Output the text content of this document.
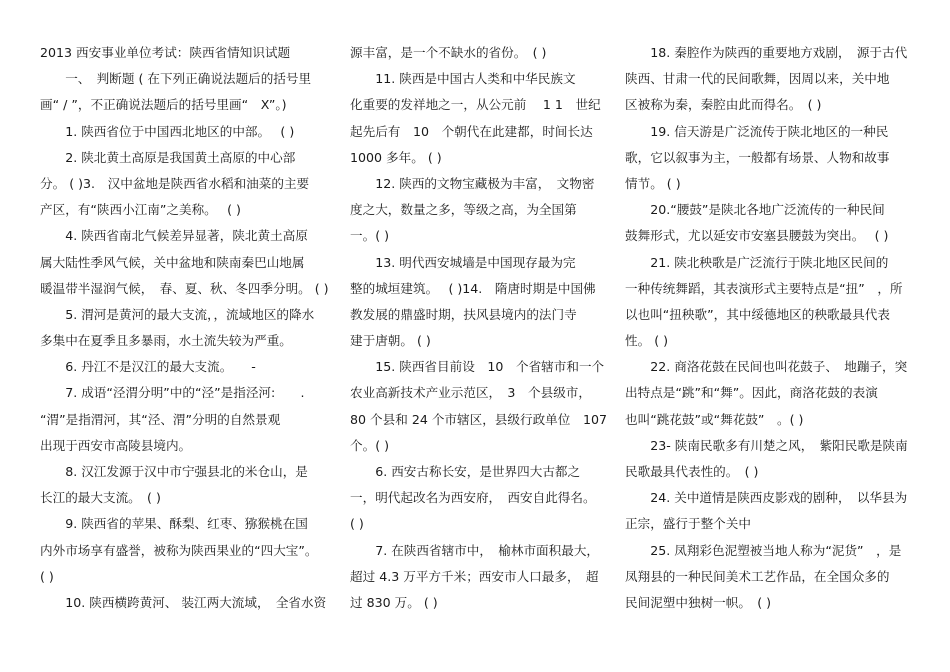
2013 西安事业单位考试：陕西省情知识试题
　　一、　判断题 ( 在下列正确说法题后的括号里
画“ / ”，不正确说法题后的括号里画“　X”。)
　　1. 陕西省位于中国西北地区的中部。　 ( )
　　2. 陕北黄土高原是我国黄土高原的中心部
分。 ( )3.　汉中盆地是陕西省水稻和油菜的主要
产区，有“陕西小江南”之美称。　 ( )
　　4. 陕西省南北气候差异显著，陕北黄土高原
属大陆性季风气候，关中盆地和陕南秦巴山地属
暖温带半湿润气候，　春、夏、秋、冬四季分明。 ( )
　　5. 渭河是黄河的最大支流，，流域地区的降水
多集中在夏季且多暴雨，水土流失较为严重。
　　6. 丹江不是汉江的最大支流。　　-
　　7. 成语“泾渭分明”中的“泾”是指泾河:　　.
“渭”是指渭河，其“泾、渭”分明的自然景观
出现于西安市高陵县境内。
　　8. 汉江发源于汉中市宁强县北的米仓山，是
长江的最大支流。　( )
　　9. 陕西省的苹果、酥梨、红枣、猕猴桃在国
内外市场享有盛誉，被称为陕西果业的“四大宝”。
( )
　　10. 陕西横跨黄河、 装江两大流域，　全省水资
源丰富，是一个不缺水的省份。　( )
　　11. 陕西是中国古人类和中华民族文
化重要的发祥地之一，从公元前　 1 1　世纪
起先后有　10　个朝代在此建都，时间长达
1000 多年。 ( )
　　12. 陕西的文物宝藏极为丰富，　文物密
度之大，数量之多，等级之高，为全国第
一。( )
　　13. 明代西安城墙是中国现存最为完
整的城垣建筑。　 ( )14.　隋唐时期是中国佛
教发展的鼎盛时期，扶风县境内的法门寺
建于唐朝。 ( )
　　15. 陕西省目前设　10　个省辖市和一个
农业高新技术产业示范区，　3　个县级市，
80 个县和 24 个市辖区，县级行政单位　107
个。( )
　　6. 西安古称长安，是世界四大古都之
一，明代起改名为西安府，　西安自此得名。
( )
　　7. 在陕西省辖市中，　榆林市面积最大，
超过 4.3 万平方千米；西安市人口最多，　超
过 830 万。 ( )
　　18. 秦腔作为陕西的重要地方戏剧，　源于古代
陕西、甘肃一代的民间歌舞，因周以来，关中地
区被称为秦，秦腔由此而得名。　( )
　　19. 信天游是广泛流传于陕北地区的一种民
歌，它以叙事为主，一般都有场景、人物和故事
情节。 ( )
　　20.“腰鼓”是陕北各地广泛流传的一种民间
鼓舞形式，尤以延安市安塞县腰鼓为突出。　 ( )
　　21. 陕北秧歌是广泛流行于陕北地区民间的
一种传统舞蹈，其表演形式主要特点是“扭”　，所
以也叫“扭秧歌”，其中绥德地区的秧歌最具代表
性。 ( )
　　22. 商洛花鼓在民间也叫花鼓子、　地蹦子，突
出特点是“跳”和“舞”。因此，商洛花鼓的表演
也叫“跳花鼓”或“舞花鼓”　。( )
　　23- 陕南民歌多有川楚之风，　紫阳民歌是陕南
民歌最具代表性的。　( )
　　24. 关中道情是陕西皮影戏的剧种，　以华县为
正宗，盛行于整个关中
　　25. 凤翔彩色泥塑被当地人称为“泥货”　，是
凤翔县的一种民间美术工艺作品，在全国众多的
民间泥塑中独树一帜。　( )
